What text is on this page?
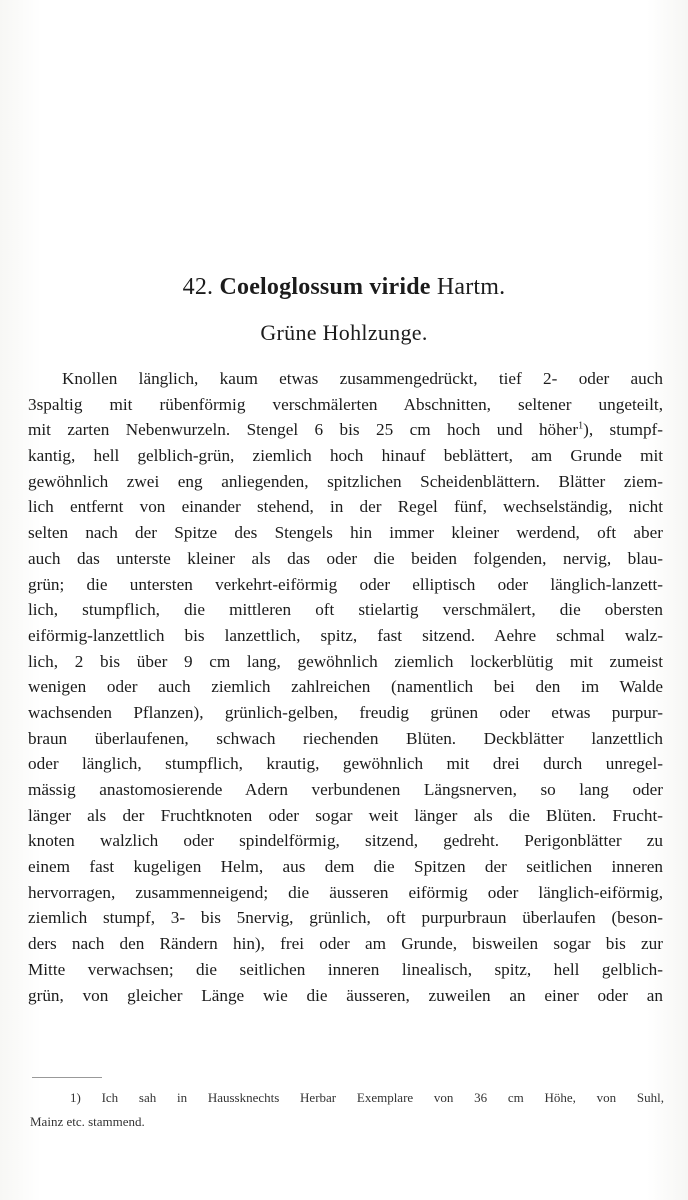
42. Coeloglossum viride Hartm.
Grüne Hohlzunge.
Knollen länglich, kaum etwas zusammengedrückt, tief 2- oder auch
3spaltig mit rübenförmig verschmälerten Abschnitten, seltener ungeteilt,
mit zarten Nebenwurzeln. Stengel 6 bis 25 cm hoch und höher$^1$), stumpf-
kantig, hell gelblich-grün, ziemlich hoch hinauf beblättert, am Grunde mit
gewöhnlich zwei eng anliegenden, spitzlichen Scheidenblättern. Blätter ziem-
lich entfernt von einander stehend, in der Regel fünf, wechselständig, nicht
selten nach der Spitze des Stengels hin immer kleiner werdend, oft aber
auch das unterste kleiner als das oder die beiden folgenden, nervig, blau-
grün; die untersten verkehrt-eiförmig oder elliptisch oder länglich-lanzett-
lich, stumpflich, die mittleren oft stielartig verschmälert, die obersten
eiförmig-lanzettlich bis lanzettlich, spitz, fast sitzend. Aehre schmal walz-
lich, 2 bis über 9 cm lang, gewöhnlich ziemlich lockerblütig mit zumeist
wenigen oder auch ziemlich zahlreichen (namentlich bei den im Walde
wachsenden Pflanzen), grünlich-gelben, freudig grünen oder etwas purpur-
braun überlaufenen, schwach riechenden Blüten. Deckblätter lanzettlich
oder länglich, stumpflich, krautig, gewöhnlich mit drei durch unregel-
mässig anastomosierende Adern verbundenen Längsnerven, so lang oder
länger als der Fruchtknoten oder sogar weit länger als die Blüten. Frucht-
knoten walzlich oder spindelförmig, sitzend, gedreht. Perigonblätter zu
einem fast kugeligen Helm, aus dem die Spitzen der seitlichen inneren
hervorragen, zusammenneigend; die äusseren eiförmig oder länglich-eiförmig,
ziemlich stumpf, 3- bis 5nervig, grünlich, oft purpurbraun überlaufen (beson-
ders nach den Rändern hin), frei oder am Grunde, bisweilen sogar bis zur
Mitte verwachsen; die seitlichen inneren linealisch, spitz, hell gelblich-
grün, von gleicher Länge wie die äusseren, zuweilen an einer oder an
1) Ich sah in Haussknechts Herbar Exemplare von 36 cm Höhe, von Suhl,
Mainz etc. stammend.
